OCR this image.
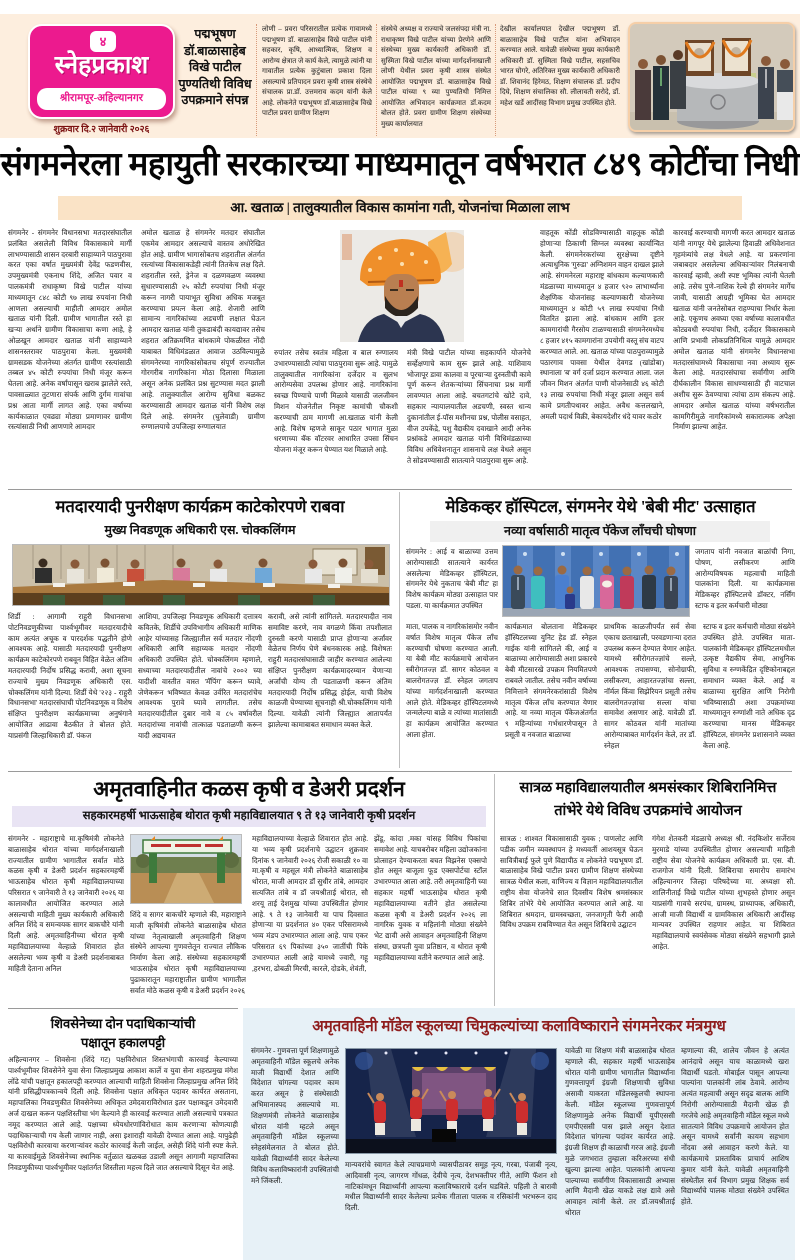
४
स्नेहप्रकाश
श्रीरामपूर-अहिल्यानगर
शुक्रवार दि.२ जानेवारी २०२६
पद्मभूषण डॉ.बाळासाहेब विखे पाटील पुण्यतिथी विविध उपक्रमाने संपन्न
लोणी – प्रवरा परिसरातील प्रत्येक गावामध्ये पद्मभूषण डॉ. बाळासाहेब विखे पाटील यांनी सहकार, कृषि, आध्यात्मिक, शिक्षण व आरोग्य क्षेत्रात जे कार्य केले, त्यामुळे त्यांनी या गावातील प्रत्येक कुटुंबाला प्रकाश दिला असल्याचे प्रतिपादन प्रवरा कृषी शास्त्र संस्थेचे संचालक प्रा.डॉ. उत्तमराव कदम यांनी केले आहे. लोकनेते पद्मभूषण डॉ.बाळासाहेब विखे पाटील प्रवरा ग्रामीण शिक्षण
संस्थेचे अध्यक्ष व राज्याचे जलसंपदा मंत्री ना. राधाकृष्ण विखे पाटील यांच्या प्रेरणेने आणि संस्थेच्या मुख्य कार्यकारी अधिकारी डॉ. सुस्मिता विखे पाटील यांच्या मार्गदर्शनाखाली लोणी येथील प्रवरा कृषी शास्त्र संस्थेत आयोजित पद्मभूषण डॉ. बाळासाहेब विखे पाटील यांच्या ९ व्या पुण्यतिथी निमित्त आयोजित अभिवादन कार्यक्रमात डॉ.कदम बोलत होते. प्रवरा ग्रामीण शिक्षण संस्थेच्या मुख्य कार्यालयात
देखील कार्यालयात देखील पद्मभूषण डॉ. बाळासाहेब विखे पाटील यांना अभिवादन करण्यात आले. यावेळी संस्थेच्या मुख्य कार्यकारी अधिकारी डॉ. सुस्मिता विखे पाटील, सहसचिव भारत घोगरे, अतिरिक्त मुख्य कार्यकारी अधिकारी डॉ. शिवानंद हिरेमठ, शिक्षण संचालक डॉ. प्रदीप दिघे, शिक्षण संचालिका सौ. लीलावती सरोदे, डॉ. महेश खर्डे आदींसह विभाग प्रमुख उपस्थित होते.
संगमनेरला महायुती सरकारच्या माध्यमातून वर्षभरात ८४९ कोटींचा निधी
आ. खताळ | तालुक्यातील विकास कामांना गती, योजनांचा मिळाला लाभ
संगमनेर - संगमनेर विधानसभा मतदारसंघातील प्रलंबित असलेली विविध विकासकामे मार्गी लाभण्यासाठी शासन दरबारी साहाय्याने पाठपुरावा करत एका वर्षात मुख्यमंत्री देवेंद्र फडणवीस, उपमुख्यमंत्री एकनाथ शिंदे, अजित पवार व पालकमंत्री राधाकृष्ण विखे पाटील यांच्या माध्यमातून ८४८ कोटी ९७ लाख रुपयांना निधी आणला असल्याची माहीती आमदार अमोल खताळ यांनी दिली. ग्रामीण भागातील रस्ते हा खऱ्या अर्थाने ग्रामीण विकासाचा कणा आहे, हे ओळखून आमदार खताळ यांनी साहाय्याने शासनस्तरावर पाठपुरावा केला. मुख्यमंत्री ग्रामसडक योजनेच्या अंतर्गत ग्रामीण रस्त्यांसाठी तब्बल ४५ कोटी रुपयांचा निधी मंजूर करून घेतला आहे. अनेक वर्षांपासून खराब झालेले रस्ते, पावसाळ्यात तुटणारा संपर्क आणि दुर्गम गावांचा प्रश्न आता मार्गी लागत आहे. एका वर्षाच्या कार्यकाळात एवढ्या मोठ्या प्रमाणावर ग्रामीण रस्त्यांसाठी निधी आणणारे आमदार
अमोल खताळ हे संगमनेर मतदार संघातील एकमेव आमदार असल्याचे वास्तव अधोरेखित होत आहे. ग्रामीण भागासोबतच शहरातील अंतर्गत रस्त्यांच्या विकासाकडेही त्यांनी तितकेच लक्ष दिले. शहरातील रस्ते, ड्रेनेज व दळणवळण व्यवस्था सुधारण्यासाठी २५ कोटी रुपयांचा निधी मंजूर करून नागरी पायाभूत सुविधा अधिक मजबूत करण्याचा प्रयत्न केला आहे. शेजारी आणि सामान्य नागरिकांच्या अडचणी लक्षात घेऊन आमदार खताळ यांनी तुकडाबंदी कायद्यावर तसेच शहरात अतिक्रमणित बांधकामे पोकळीस्त नोंदी याबाबत विधिमंडळात आवाज उठविल्यामुळे संगमनेरच्या नागरिकांसोबतच संपूर्ण राज्यातील गोरगरीब नागरिकांना मोठा दिलासा मिळाला असून अनेक प्रलंबित प्रश्न सुटण्यास मदत झाली आहे. तालुक्यातील आरोग्य सुविधा बळकट करण्यासाठी आमदार खताळ यांनी विशेष लक्ष दिले आहे. संगमनेर (घुलेवाडी) ग्रामीण रुग्णालयाचे उपजिल्हा रुग्णालयात
रुपांतर तसेच स्वतंत्र महिला व बाल रुग्णालय उभारण्यासाठी त्यांचा पाठपुरावा सुरू आहे. यामुळे तालुक्यातील नागरिकांना दर्जेदार व सुलभ आरोग्यसेवा उपलब्ध होणार आहे. नागरिकांना स्वच्छ पिण्याचे पाणी मिळावे यासाठी जलजीवन मिशन योजनेतील निकृष्ट कामांची चौकशी करण्याची ठाम मागणी आ.खताळ यांनी केली आहे. विशेष म्हणजे साकूर पठार भागात मुळा धरणाच्या बॅक वॉटरवर आधारित उपसा सिंचन योजना मंजूर करून घेण्यात यश मिळाले आहे.
मंत्री विखे पाटील यांच्या सहकार्याने योजनेचे सर्व्हेक्षणाचे काम सुरू झाले आहे. याशिवाय भोजापूर डावा कालवा व पूरचाऱ्या दुरुस्तीची कामे पूर्ण करून शेतकऱ्यांच्या सिंचनाचा प्रश्न मार्गी लावण्यात आला आहे. बचतगटांचे खोटे दावे, सहकार न्यायालयातील अडचणी, स्वस्त धान्य दुकानांतील ई-पॉस मशीनचा प्रश्न, पोलीस वसाहत, वीज उपकेंद्रे, पशु वैद्यकीय दवाखाने आदी अनेक प्रश्नांकडे आमदार खताळ यांनी विधिमंडळाच्या विविध अधिवेशनातून शासनाचे लक्ष वेधले असून ते सोडवण्यासाठी सातत्याने पाठपुरावा सुरू आहे.
वाहतूक कोंडी सोडविण्यासाठी वाहतूक कोंडी होणाऱ्या ठिकाणी सिग्नल व्यवस्था कार्यान्वित केली. संगमनेरकरांच्या सुरक्षेच्या दृष्टीने अत्याधुनिक 'गुरुडा' अग्निशमन वाहन दाखल झाले आहे. संगमनेरला महाराष्ट्र बांधकाम कल्याणकारी मंडळाच्या माध्यमातून ४ हजार ९२० लाभार्थ्यांना शैक्षणिक योजनांसह कल्याणकारी योजनेच्या माध्यमातून ४ कोटी ५९ लाख रुपयांचा निधी वितरित झाला आहे. बांधकाम आणि इतर कामगारांची गैरसोय टाळण्यासाठी संगमनेरमध्येच ८ हजार ४१५ कामगारांना उपयोगी वस्तू संच वाटप करण्यात आले. आ. खताळ यांच्या पाठपुराव्यामुळे पठारगाव पावसा येथील देवगड (खांडोबा) स्थानाला 'ब' वर्ग दर्जा प्रदान करण्यात आला. जल जीवन मिशन अंतर्गत पाणी योजनेसाठी ४६ कोटी १३ लाख रुपयांचा निधी मंजूर झाला असून सर्व कामे प्रगतीपथावर आहेत. अवैध कत्तलखाने, अमली पदार्थ विक्री, बेकायदेशीर धंदे यावर कठोर
कारवाई करण्याची मागणी करत आमदार खताळ यांनी नागपूर येथे झालेल्या हिवाळी अधिवेशनात गृहमंत्र्यांचे लक्ष वेधले आहे. या प्रकरणांना जबाबदार असलेल्या अधिकाऱ्यांवर निलंबनाची कारवाई व्हावी, अशी स्पष्ट भूमिका त्यांनी घेतली आहे. तसेच पुणे-नाशिक रेल्वे ही संगमनेर मार्गेच जावी, यासाठी आग्रही भूमिका घेत आमदार खताळ यांनी जनतेसोबत राहण्याचा निर्धार केला आहे. एकूणच अवघ्या एका वर्षाच्या कालावधीत कोट्यवधी रुपयांचा निधी, दर्जेदार विकासकामे आणि प्रभावी लोकप्रतिनिधित्व यामुळे आमदार अमोल खताळ यांनी संगमनेर विधानसभा मतदारसंघामध्ये विकासाचा नवा अध्याय सुरू केला आहे. मतदारसंघाचा सर्वांगीण आणि दीर्घकालीन विकास साधण्यासाठी ही वाटचाल अशीच सुरू ठेवण्याचा त्यांचा ठाम संकल्प आहे. आमदार अमोल खताळ यांच्या वर्षभरातील कामगिरीमुळे नागरिकांमध्ये सकारात्मक अपेक्षा निर्माण झाल्या आहेत.
मतदारयादी पुनरीक्षण कार्यक्रम काटेकोरपणे राबवा
मुख्य निवडणूक अधिकारी एस. चोक्कलिंगम
शिर्डी : आगामी राहुरी विधानसभा पोटनिवडणुकीच्या पार्श्वभूमीवर मतदारयादीचे काम अत्यंत अचूक व पारदर्शक पद्धतीने होणे आवश्यक आहे. यासाठी मतदारयादी पुनरीक्षण कार्यक्रम काटेकोरपणे राबवून विहित वेळेत अंतिम मतदारयादी निर्दोष प्रसिद्ध करावी, अशा सूचना राज्याचे मुख्य निवडणूक अधिकारी एस. चोक्कलिंगम यांनी दिल्या. शिर्डी येथे '२२३ - राहुरी विधानसभा' मतदारसंघाची पोटनिवडणूक व विशेष संक्षिप्त पुनरीक्षण कार्यक्रमाच्या अनुषंगाने आयोजित आढावा बैठकीत ते बोलत होते. याप्रसंगी जिल्हाधिकारी डॉ. पंकज
आशिया, उपजिल्हा निवडणूक अधिकारी दत्तात्रय कवितके, शिर्डीचे उपविभागीय अधिकारी माणिक आहेर यांच्यासह जिल्ह्यातील सर्व मतदार नोंदणी अधिकारी आणि सहाय्यक मतदार नोंदणी अधिकारी उपस्थित होते. चोक्कलिंगम म्हणाले, सध्याच्या मतदारयादीतील नावांचे २००२ च्या यादीशी वास्तीत वास्त 'मॅपिंग' करून घ्यावे, जेणेकरून भविष्यात केवळ उर्वरित मतदारांचेच आवश्यक पुरावे घ्यावे लागतील. तसेच मतदारयादीतील दुबार नावे व ८५ वर्षावरील मतदारांच्या नावांची तात्काळ पडताळणी करून यादी अद्ययावत
करावी, असे त्यांनी सांगितले. मतदारयादीत नाव समाविष्ट करणे, नाव वगळणे किंवा तपशीलात दुरुस्ती करणे यासाठी प्राप्त होणाऱ्या अर्जांवर वेळेतच निर्णय घेणे बंधनकारक आहे. विशेषतः राहुरी मतदारसंघासाठी जाहीर करण्यात आलेल्या संक्षिप्त पुनरीक्षण कार्यक्रमादरम्यान येणाऱ्या अर्जांची योग्य ती पडताळणी करून अंतिम मतदारयादी निर्दोष प्रसिद्ध होईल, याची विशेष काळजी घेण्याच्या सूचनाही श्री.चोक्कलिंगम यांनी दिल्या. यावेळी त्यांनी जिल्ह्यात आतापर्यंत झालेल्या कामाबाबत समाधान व्यक्त केले.
मेडिकव्हर हॉस्पिटल, संगमनेर येथे 'बेबी मीट' उत्साहात
नव्या वर्षासाठी मातृत्व पॅकेज लाँचची घोषणा
संगमनेर : आई व बाळाच्या उत्तम आरोग्यासाठी सातत्याने कार्यरत असलेल्या मेडिकव्हर हॉस्पिटल, संगमनेर येथे नुकताच 'बेबी मीट' हा विशेष कार्यक्रम मोठ्या उत्साहात पार पडला. या कार्यक्रमात उपस्थित
जगताप यांनी नवजात बाळांची निगा, पोषण, लसीकरण आणि आरोग्यविषयक महत्वाची माहिती पालकांना दिली. या कार्यक्रमास मेडिकव्हर हॉस्पिटलचे डॉक्टर, नर्सिंग स्टाफ व इतर कर्मचारी मोठ्या
माता, पालक व नागरिकांसमोर नवीन वर्षात विशेष मातृत्व पॅकेज लाँच करण्याची घोषणा करण्यात आली. या बेबी मीट कार्यक्रमाचे आयोजन स्त्रीरोगतज्ज्ञ डॉ. सागर कोठवल व बालरोगतज्ज्ञ डॉ. स्नेहल जगताप यांच्या मार्गदर्शनाखाली करण्यात आले होते. मेडिकव्हर हॉस्पिटलमध्ये जन्मलेल्या बाळे व त्यांच्या मातांसाठी हा कार्यक्रम आयोजित करण्यात आला होता.
कार्यक्रमात बोलताना मेडिकव्हर हॉस्पिटलच्या युनिट हेड डॉ. स्नेहल गाईक यांनी सांगितले की, आई व बाळाच्या आरोग्यासाठी अशा प्रकारचे बेबी मीटसारखे उपक्रम नियमितपणे राबवले जातील. तसेच नवीन वर्षाच्या निमित्ताने संगमनेरकरांसाठी विशेष मातृत्व पॅकेज लाँच करण्यात येणार आहे. या नव्या मातृत्व पॅकेजअंतर्गत ९ महिन्यांच्या गर्भधारणेपासून ते प्रसूती व नवजात बाळाच्या
प्राथमिक काळजीपर्यंत सर्व सेवा एकाच छताखाली, परवडणाऱ्या दरात उपलब्ध करून देण्यात येणार आहेत. यामध्ये स्त्रीरोगतज्ज्ञांचे सल्ले, आवश्यक तपासण्या, सोनोग्राफी, लसीकरण, आहारतज्ज्ञांचा सल्ला, नॉर्मल किंवा सिझेरियन प्रसूती तसेच बालरोगतज्ज्ञांचा सल्ला यांचा समावेश असणार आहे. यावेळी डॉ. सागर कोठवल यांनी मातांच्या आरोग्याबाबत मार्गदर्शन केले, तर डॉ. स्नेहल
स्टाफ व इतर कर्मचारी मोठ्या संख्येने उपस्थित होते. उपस्थित माता-पालकांनी मेडिकव्हर हॉस्पिटलमधील उत्कृष्ट वैद्यकीय सेवा, आधुनिक सुविधा व रुग्णकेंद्रित दृष्टिकोनाबद्दल समाधान व्यक्त केले. आई व बाळाच्या सुरक्षित आणि निरोगी भविष्यासाठी अशा उपक्रमांच्या माध्यमातून रुग्णांशी नाते अधिक दृढ करण्याचा मानस मेडिकव्हर हॉस्पिटल, संगमनेर प्रशासनाने व्यक्त केला आहे.
अमृतवाहिनीत कळस कृषी व डेअरी प्रदर्शन
सहकारमहर्षी भाऊसाहेब थोरात कृषी महाविद्यालयात ९ ते १३ जानेवारी कृषी प्रदर्शन
संगमनेर - महाराष्ट्राचे मा.कृषिमंत्री लोकनेते बाळासाहेब थोरात यांच्या मार्गदर्शनाखाली राज्यातील ग्रामीण भागातील सर्वात मोठे कळस कृषी व डेअरी प्रदर्शन सहकारमहर्षी भाऊसाहेब थोरात कृषी महाविद्यालयाच्या परिसरात ९ जानेवारी ते १३ जानेवारी २०२६ या कालावधीत आयोजित करण्यात आले असल्याची माहिती मुख्य कार्यकारी अधिकारी अनिल शिंदे व समन्वयक सागर बाकचौरे यांनी दिली आहे. अमृतवाहिनीच्या थोरात कृषी महाविद्यालयाच्या वेल्हाळे शिवारात होत असलेल्या भव्य कृषी व डेअरी प्रदर्शनाबाबत माहिती देताना अनिल
शिंदे व सागर बाकचौरे म्हणाले की, महाराष्ट्राने माजी कृषिमंत्री लोकनेते बाळासाहेब थोरात यांच्या नेतृत्वाखाली अमृतवाहिनी शिक्षण संस्थेने आपल्या गुणवत्तेतून राज्यात लौकिक निर्माण केला आहे. संस्थेच्या सहकारमहर्षी भाऊसाहेब थोरात कृषी महाविद्यालयाच्या पुढाकारातून महाराष्ट्रातील ग्रामीण भागातील सर्वात मोठे कळस कृषी व डेअरी प्रदर्शन २०२६
महाविद्यालयाच्या वेल्हाळे शिवारात होत आहे. या भव्य कृषी प्रदर्शनाचे उद्घाटन शुक्रवार दिनांक ९ जानेवारी २०२६ रोजी सकाळी १० वा मा.कृषी व महसूल मंत्री लोकनेते बाळासाहेब थोरात, माजी आमदार डॉ सुधीर तांबे, आमदार सत्यजित तांबे व डॉ जयश्रीताई थोरात, सौ शरयू ताई देशमुख यांच्या उपस्थितीत होणार आहे. ९ ते १३ जानेवारी या पाच दिवसात होणाऱ्या या प्रदर्शनात ४० एकर परिसरामध्ये भव्य मंडप उभारण्यात आला आहे. पाच एकर परिसरात ६९ पिकांच्या ३५० जातींची पिके उभारण्यात आली आहे यामध्ये ज्वारी, गहू ,हरभरा, ढोबळी मिरची, कारले, दोडके, शेवंती,
झेंडू, कांदा ,मका यांसह विविध पिकांचा समावेश आहे. याचबरोबर महिला उद्योजकांना प्रोत्साहन देण्याकरता बचत विझनेस एक्सपो होत असून बाजूला फूड एक्सपोर्टचा स्टॉल उभारण्यात आला आहे. तरी अमृतवाहिनी च्या सहकार महर्षी भाऊसाहेब थोरात कृषी महाविद्यालयाच्या वतीने होत असलेल्या कळस कृषी व डेअरी प्रदर्शन २०२६ ला नागरिक युवक व महिलांनी मोठ्या संख्येने भेट द्यावी असे आवाहन अमृतवाहिनी शिक्षण संस्था, छत्रपती युवा प्रतिष्ठान, व थोरात कृषी महाविद्यालयाच्या वतीने करण्यात आले आहे.
सात्रळ महाविद्यालयातील श्रमसंस्कार शिबिरानिमित्त
तांभेरे येथे विविध उपक्रमांचे आयोजन
सात्रळ : शाश्वत विकासासाठी युवक ; पाणलोट आणि पडीक जमीन व्यवस्थापन हे मध्यवर्ती आशयसूत्र घेऊन सावित्रीबाई फुले पुणे विद्यापीठ व लोकनेते पद्मभूषण डॉ. बाळासाहेब विखे पाटील प्रवरा ग्रामीण शिक्षण संस्थेच्या सात्रळ येथील कला, वाणिज्य व विज्ञान महाविद्यालयातील राष्ट्रीय सेवा योजनेचे सात दिवसीय विशेष श्रमसंस्कार शिबिर तांभेरे येथे आयोजित करण्यात आले आहे. या शिबिरात श्रमदान, ग्रामस्वच्छता, जनजागृती फेरी आदी विविध उपक्रम राबविण्यात येत असून शिबिराचे उद्घाटन
गंगेश शेतकरी मंडळाचे अध्यक्ष श्री. नंदकिशोर सर्जेराव मुरमाडे यांच्या उपस्थितीत होणार असल्याची माहिती राष्ट्रीय सेवा योजनेचे कार्यक्रम अधिकारी प्रा. एस. बी. राजगोज यांनी दिली. शिबिराचा समारोप समारंभ अहिल्यानगर जिल्हा परिषदेच्या मा. अध्यक्षा सौ. शालिनीताई विखे पाटील यांच्या शुभहस्ते होणार असून याप्रसंगी गावचे सरपंच, ग्रामस्थ, प्राध्यापक, अधिकारी, आजी माजी विद्यार्थी व ग्रामविकास अधिकारी आदींसह मान्यवर उपस्थित राहणार आहेत. या शिबिरात महाविद्यालयाचे स्वयंसेवक मोठ्या संख्येने सहभागी झाले आहेत.
शिवसेनेच्या दोन पदाधिकाऱ्यांची
पक्षातून हकालपट्टी
अहिल्यानगर – शिवसेना (शिंदे गट) पक्षविरोधात शिस्तभंगाची कारवाई केल्याच्या पार्श्वभूमीवर शिवसेनेने युवा सेना जिल्हाप्रमुख आकाश कार्ले व युवा सेना शहरप्रमुख मंगेश लोंढे यांची पक्षातून हकालपट्टी करण्यात आल्याची माहिती शिवसेना जिल्हाप्रमुख अनिल शिंदे यांनी प्रसिद्धीपत्रकान्वये दिली आहे. शिवसेना पक्षात अधिकृत पदावर कार्यरत असताना, महापालिका निवडणुकीत शिवसेनेच्या अधिकृत उमेदवाराविरोधात इतर पक्षाकडून उमेदवारी अर्ज दाखल करून पक्षशिस्तीचा भंग केल्याने ही कारवाई करण्यात आली असल्याचे पत्रकात नमूद करण्यात आले आहे. पक्षाच्या ध्येयधोरणांविरोधात काम करणाऱ्या कोणत्याही पदाधिकाऱ्याची गय केली जाणार नाही, असा इशाराही यावेळी देण्यात आला आहे. यापुढेही पक्षविरोधी कारवाया करणाऱ्यांवर कठोर कारवाई केली जाईल, असेही शिंदे यांनी स्पष्ट केले. या कारवाईमुळे शिवसेनेच्या स्थानिक वर्तुळात खळबळ उडाली असून आगामी महापालिका निवडणुकीच्या पार्श्वभूमीवर पक्षांतर्गत शिस्तीला महत्त्व दिले जात असल्याचे दिसून येत आहे.
अमृतवाहिनी मॉडेल स्कूलच्या चिमुकल्यांच्या कलाविष्काराने संगमनेरकर मंत्रमुग्ध
संगमनेर - गुणवत्ता पूर्ण शिक्षणामुळे अमृतवाहिनी मॉडेल स्कूलचे अनेक माजी विद्यार्थी देशात आणि विदेशात चांगल्या पदावर काम करत असून हे संस्थेसाठी अभिमानास्पद असल्याचे मा. शिक्षणमंत्री लोकनेते बाळासाहेब थोरात यांनी म्हटले असून अमृतवाहिनी मॉडेल स्कूलच्या स्नेहसंमेलनात ते बोलत होते. यावेळी विद्यार्थ्यांनी सादर केलेल्या विविध कलाविष्कारांनी उपस्थितांची मने जिंकली.
मान्यवरांचे स्वागत केले त्याचप्रमाणे व्यासपीठावर समूह नृत्य, गरबा, पंजाबी नृत्य, आदिवासी नृत्य, जागरण गोंधळ, देवीचे नृत्य, देशभक्तीपर गीते, आणि फॅशन शो नाटिकांमधून विद्यार्थ्यांनी आपल्या कलाविष्काराचे दर्शन घडविले. पहिली ते बारावी मधील विद्यार्थ्यांनी सादर केलेल्या प्रत्येक गीताला पालक व रसिकांनी भरभरून दाद दिली.
यावेळी मा शिक्षण मंत्री बाळासाहेब थोरात म्हणाले की, सहकार महर्षी भाऊसाहेब थोरात यांनी ग्रामीण भागातील विद्यार्थ्यांना गुणवत्तापूर्ण इंग्रजी शिक्षणाची सुविधा असावी याकरता मॉडेलस्कूलची स्थापना केली. मॉडेल स्कूलच्या गुणवत्तापूर्ण शिक्षणामुळे अनेक विद्यार्थी यूपीएससी एमपीएससी पास झाले असून देशात विदेशात चांगल्या पदांवर कार्यरत आहे. इंग्रजी शिक्षण ही काळाची गरज आहे. इंग्रजी मुळे जगभरात तुम्हाला करिअरच्या संधी खुल्या झाल्या आहेत. पालकांनी आपल्या पाल्याच्या सर्वांगीण विकासासाठी अभ्यास आणि मैदानी खेळ याकडे लक्ष द्यावे असे आवाहन त्यांनी केले. तर डॉ.जयश्रीताई थोरात
म्हणाल्या की, शालेय जीवन हे अत्यंत आनंदाचे असून याच काळामध्ये खरा विद्यार्थी घडतो. मोबाईल पासून आपल्या पाल्यांना पालकांनी लांब ठेवावे. आरोग्य अत्यंत महत्वाची असून सदृढ बालक आणि निरोगी आरोग्यासाठी मैदानी खेळ ही गरजेचे आहे अमृतवाहिनी मॉडेल स्कूल मध्ये सातत्याने विविध उपक्रमाचे आयोजन होत असून यामध्ये सर्वांनी कायम सहभाग नोंदवा असे आवाहन करणे केले. या कार्यक्रमाचे प्रास्ताविक प्राचार्य आशिष कुमार यांनी केले. यावेळी अमृतवाहिनी संस्थेतील सर्व विभाग प्रमुख शिक्षक सर्व विद्यार्थ्यांचे पालक मोठ्या संख्येने उपस्थित होते.
